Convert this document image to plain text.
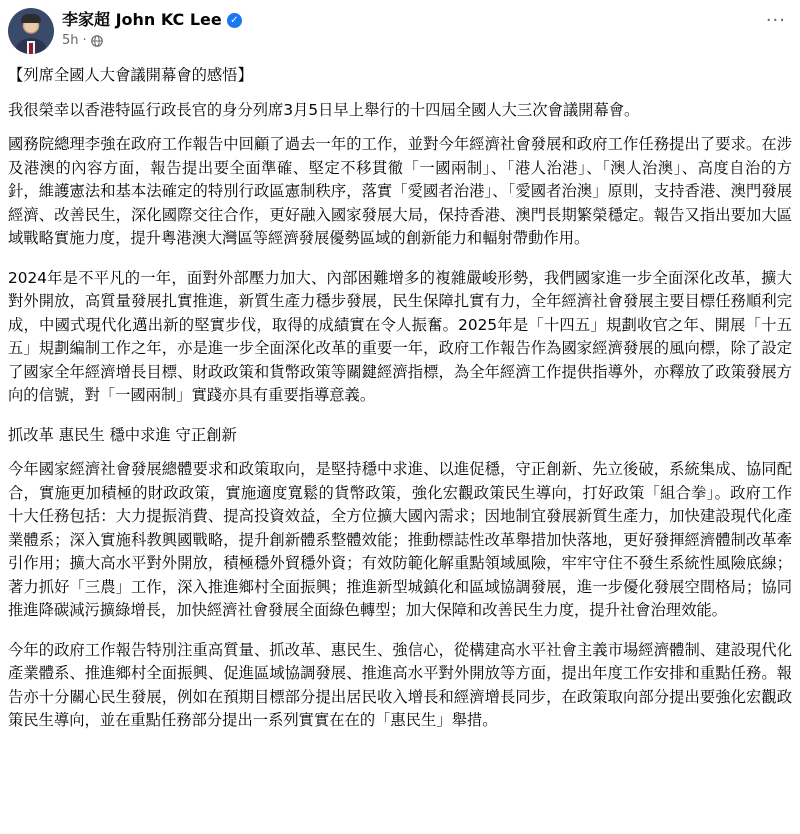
李家超 John KC Lee ✓
5h ·
···

【列席全國人大會議開幕會的感悟】

我很榮幸以香港特區行政長官的身分列席3月5日早上舉行的十四屆全國人大三次會議開幕會。

國務院總理李強在政府工作報告中回顧了過去一年的工作，並對今年經濟社會發展和政府工作任務提出了要求。在涉及港澳的內容方面，報告提出要全面準確、堅定不移貫徹「一國兩制」、「港人治港」、「澳人治澳」、高度自治的方針，維護憲法和基本法確定的特別行政區憲制秩序，落實「愛國者治港」、「愛國者治澳」原則，支持香港、澳門發展經濟、改善民生，深化國際交往合作，更好融入國家發展大局，保持香港、澳門長期繁榮穩定。報告又指出要加大區域戰略實施力度，提升粵港澳大灣區等經濟發展優勢區域的創新能力和輻射帶動作用。

2024年是不平凡的一年，面對外部壓力加大、內部困難增多的複雜嚴峻形勢，我們國家進一步全面深化改革，擴大對外開放，高質量發展扎實推進，新質生產力穩步發展，民生保障扎實有力，全年經濟社會發展主要目標任務順利完成，中國式現代化邁出新的堅實步伐，取得的成績實在令人振奮。2025年是「十四五」規劃收官之年、開展「十五五」規劃編制工作之年，亦是進一步全面深化改革的重要一年，政府工作報告作為國家經濟發展的風向標，除了設定了國家全年經濟增長目標、財政政策和貨幣政策等關鍵經濟指標，為全年經濟工作提供指導外，亦釋放了政策發展方向的信號，對「一國兩制」實踐亦具有重要指導意義。

抓改革 惠民生 穩中求進 守正創新

今年國家經濟社會發展總體要求和政策取向，是堅持穩中求進、以進促穩，守正創新、先立後破，系統集成、協同配合，實施更加積極的財政政策，實施適度寬鬆的貨幣政策，強化宏觀政策民生導向，打好政策「組合拳」。政府工作十大任務包括：大力提振消費、提高投資效益，全方位擴大國內需求；因地制宜發展新質生產力，加快建設現代化產業體系；深入實施科教興國戰略，提升創新體系整體效能；推動標誌性改革舉措加快落地，更好發揮經濟體制改革牽引作用；擴大高水平對外開放，積極穩外貿穩外資；有效防範化解重點領域風險，牢牢守住不發生系統性風險底線；著力抓好「三農」工作，深入推進鄉村全面振興；推進新型城鎮化和區域協調發展，進一步優化發展空間格局；協同推進降碳減污擴綠增長，加快經濟社會發展全面綠色轉型；加大保障和改善民生力度，提升社會治理效能。

今年的政府工作報告特別注重高質量、抓改革、惠民生、強信心，從構建高水平社會主義市場經濟體制、建設現代化產業體系、推進鄉村全面振興、促進區域協調發展、推進高水平對外開放等方面，提出年度工作安排和重點任務。報告亦十分關心民生發展，例如在預期目標部分提出居民收入增長和經濟增長同步，在政策取向部分提出要強化宏觀政策民生導向，並在重點任務部分提出一系列實實在在的「惠民生」舉措。
